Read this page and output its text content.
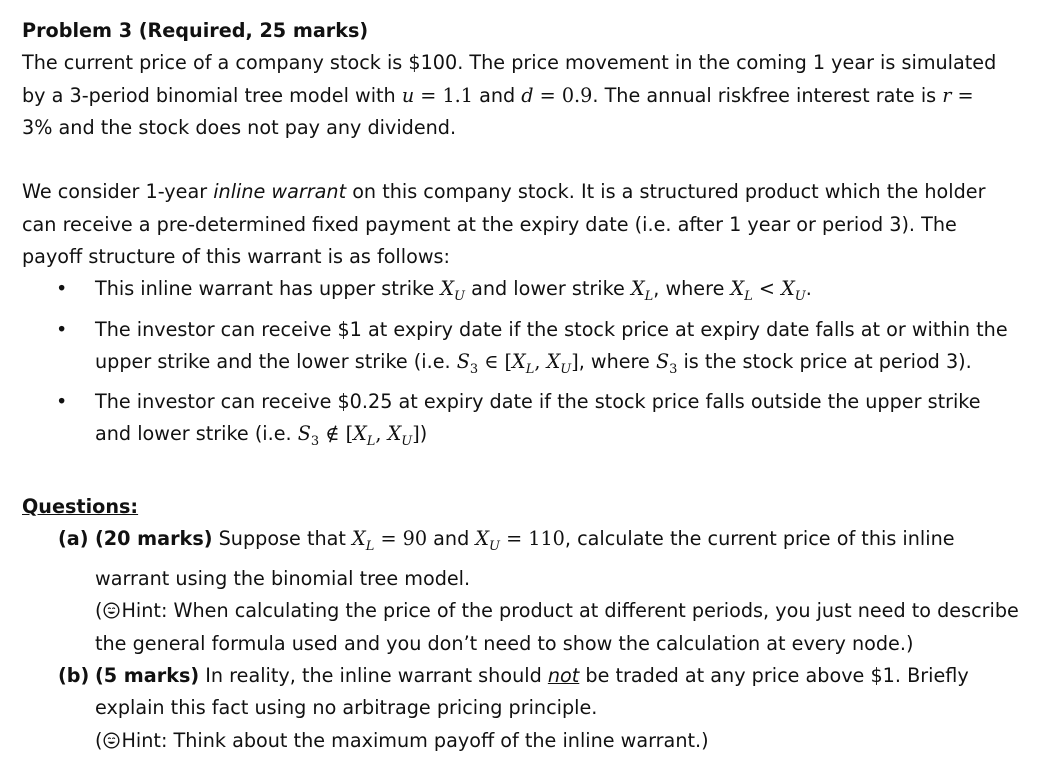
Problem 3 (Required, 25 marks)

The current price of a company stock is $100. The price movement in the coming 1 year is simulated by a 3-period binomial tree model with u = 1.1 and d = 0.9. The annual riskfree interest rate is r =
3% and the stock does not pay any dividend.

We consider 1-year inline warrant on this company stock. It is a structured product which the holder can receive a pre-determined fixed payment at the expiry date (i.e. after 1 year or period 3). The payoff structure of this warrant is as follows:

• This inline warrant has upper strike $X_U$ and lower strike $X_L$, where $X_L < X_U$.
• The investor can receive $1 at expiry date if the stock price at expiry date falls at or within the upper strike and the lower strike (i.e. $S_3$ ∈ [$X_L$, $X_U$], where $S_3$ is the stock price at period 3).
• The investor can receive $0.25 at expiry date if the stock price falls outside the upper strike and lower strike (i.e. $S_3$ ∉ [$X_L$, $X_U$])

Questions:

(a) (20 marks) Suppose that $X_L = 90$ and $X_U = 110$, calculate the current price of this inline warrant using the binomial tree model.
( Hint: When calculating the price of the product at different periods, you just need to describe the general formula used and you don’t need to show the calculation at every node.)
(b) (5 marks) In reality, the inline warrant should not be traded at any price above $1. Briefly explain this fact using no arbitrage pricing principle.
( Hint: Think about the maximum payoff of the inline warrant.)
